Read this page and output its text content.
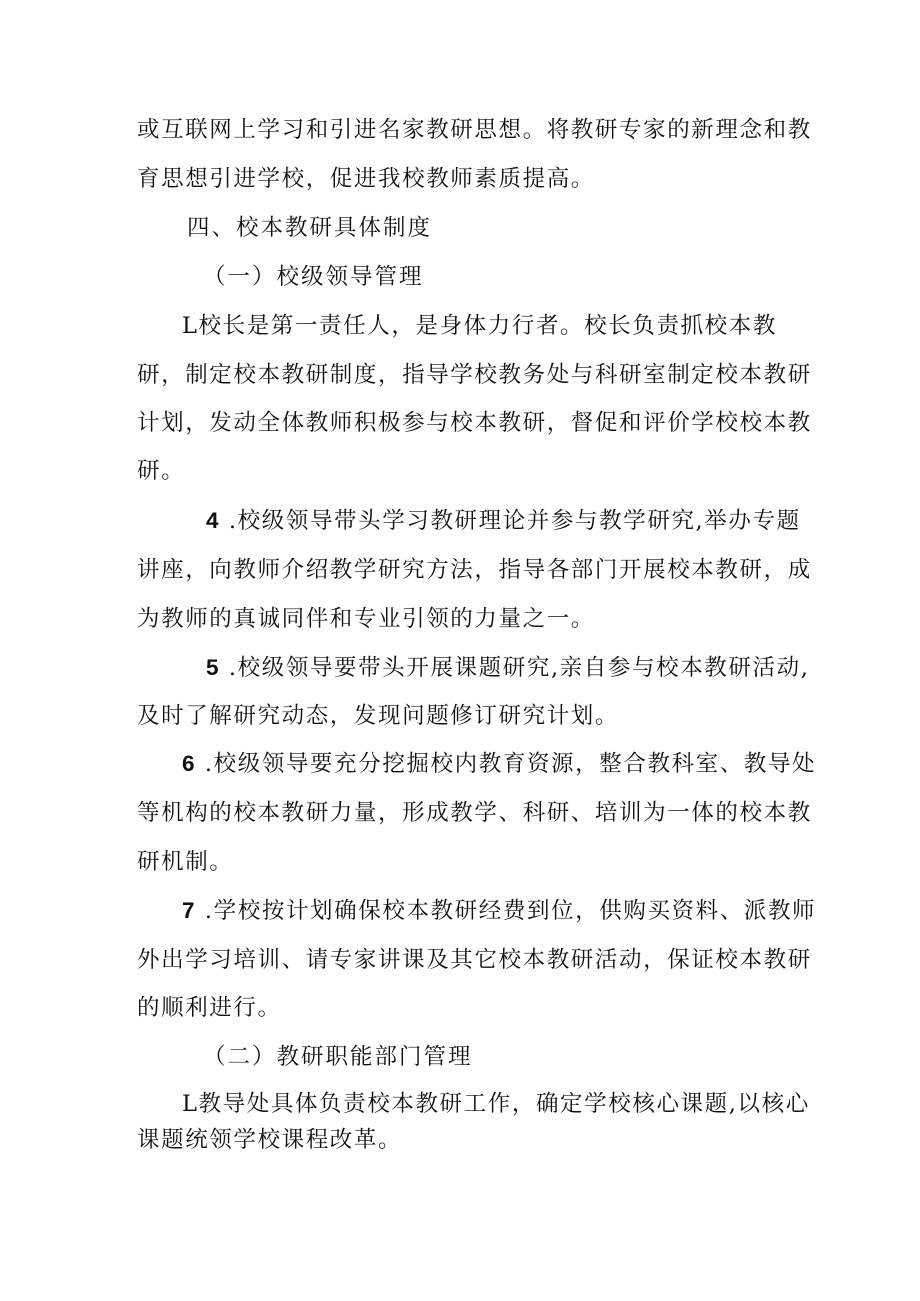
或互联网上学习和引进名家教研思想。将教研专家的新理念和教
育思想引进学校，促进我校教师素质提高。
四、校本教研具体制度
（一）校级领导管理
L校长是第一责任人，是身体力行者。校长负责抓校本教
研，制定校本教研制度，指导学校教务处与科研室制定校本教研
计划，发动全体教师积极参与校本教研，督促和评价学校校本教
研。
4 .校级领导带头学习教研理论并参与教学研究,举办专题
讲座，向教师介绍教学研究方法，指导各部门开展校本教研，成
为教师的真诚同伴和专业引领的力量之一。
5 .校级领导要带头开展课题研究,亲自参与校本教研活动,
及时了解研究动态，发现问题修订研究计划。
6 .校级领导要充分挖掘校内教育资源，整合教科室、教导处
等机构的校本教研力量，形成教学、科研、培训为一体的校本教
研机制。
7 .学校按计划确保校本教研经费到位，供购买资料、派教师
外出学习培训、请专家讲课及其它校本教研活动，保证校本教研
的顺利进行。
（二）教研职能部门管理
L教导处具体负责校本教研工作，确定学校核心课题,以核心
课题统领学校课程改革。
